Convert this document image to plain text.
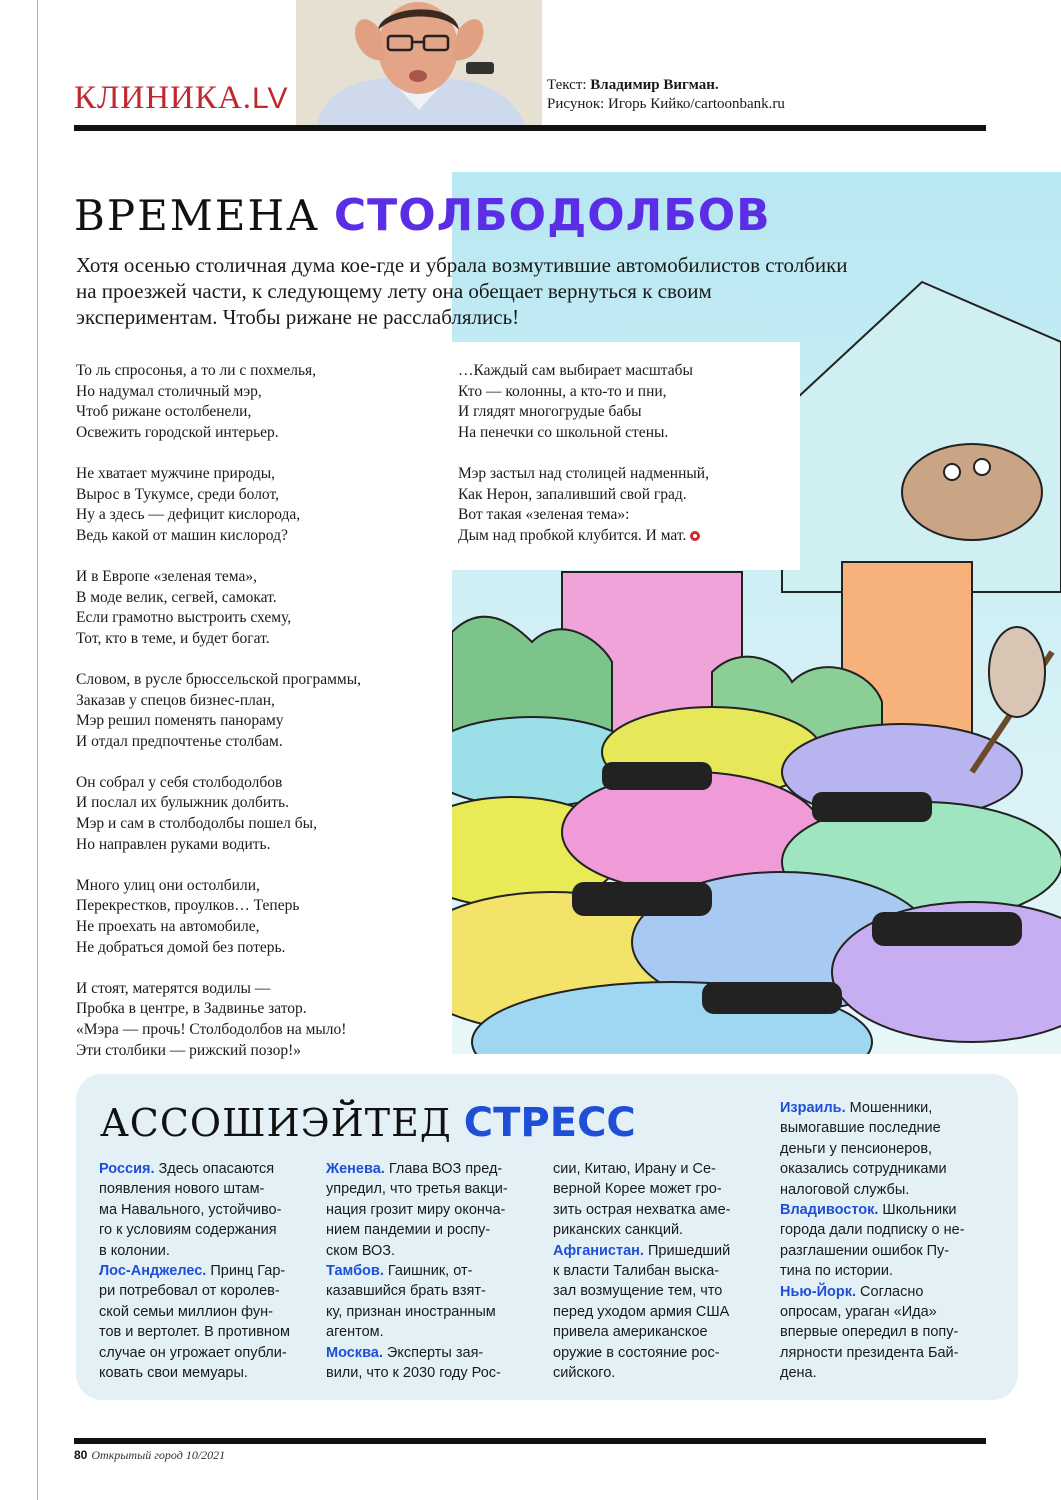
КЛИНИКА.LV	Текст: Владимир Вигман.
Рисунок: Игорь Кийко/cartoonbank.ru
ВРЕМЕНА СТОЛБОДОЛБОВ
Хотя осенью столичная дума кое-где и убрала возмутившие автомобилистов столбики на проезжей части, к следующему лету она обещает вернуться к своим экспериментам. Чтобы рижане не расслаблялись!
То ль спросонья, а то ли с похмелья,
Но надумал столичный мэр,
Чтоб рижане остолбенели,
Освежить городской интерьер.
Не хватает мужчине природы,
Вырос в Тукумсе, среди болот,
Ну а здесь — дефицит кислорода,
Ведь какой от машин кислород?
И в Европе «зеленая тема»,
В моде велик, сегвей, самокат.
Если грамотно выстроить схему,
Тот, кто в теме, и будет богат.
Словом, в русле брюссельской программы,
Заказав у спецов бизнес-план,
Мэр решил поменять панораму
И отдал предпочтенье столбам.
Он собрал у себя столбодолбов
И послал их булыжник долбить.
Мэр и сам в столбодолбы пошел бы,
Но направлен руками водить.
Много улиц они остолбили,
Перекрестков, проулков… Теперь
Не проехать на автомобиле,
Не добраться домой без потерь.
И стоят, матерятся водилы —
Пробка в центре, в Задвинье затор.
«Мэра — прочь! Столбодолбов на мыло!
Эти столбики — рижский позор!»
…Каждый сам выбирает масштабы
Кто — колонны, а кто-то и пни,
И глядят многогрудые бабы
На пенечки со школьной стены.
Мэр застыл над столицей надменный,
Как Нерон, запаливший свой град.
Вот такая «зеленая тема»:
Дым над пробкой клубится. И мат.
АССОШИЭЙТЕД СТРЕСС
Россия. Здесь опасаются
появления нового штам-
ма Навального, устойчиво-
го к условиям содержания
в колонии.
Лос-Анджелес. Принц Гар-
ри потребовал от королев-
ской семьи миллион фун-
тов и вертолет. В противном
случае он угрожает опубли-
ковать свои мемуары.
Женева. Глава ВОЗ пред-
упредил, что третья вакци-
нация грозит миру оконча-
нием пандемии и роспу-
ском ВОЗ.
Тамбов. Гаишник, от-
казавшийся брать взят-
ку, признан иностранным
агентом.
Москва. Эксперты зая-
вили, что к 2030 году Рос-
сии, Китаю, Ирану и Се-
верной Корее может гро-
зить острая нехватка аме-
риканских санкций.
Афганистан. Пришедший
к власти Талибан выска-
зал возмущение тем, что
перед уходом армия США
привела американское
оружие в состояние рос-
сийского.
Израиль. Мошенники,
вымогавшие последние
деньги у пенсионеров,
оказались сотрудниками
налоговой службы.
Владивосток. Школьники
города дали подписку о не-
разглашении ошибок Пу-
тина по истории.
Нью-Йорк. Согласно
опросам, ураган «Ида»
впервые опередил в попу-
лярности президента Бай-
дена.
80 Открытый город 10/2021
